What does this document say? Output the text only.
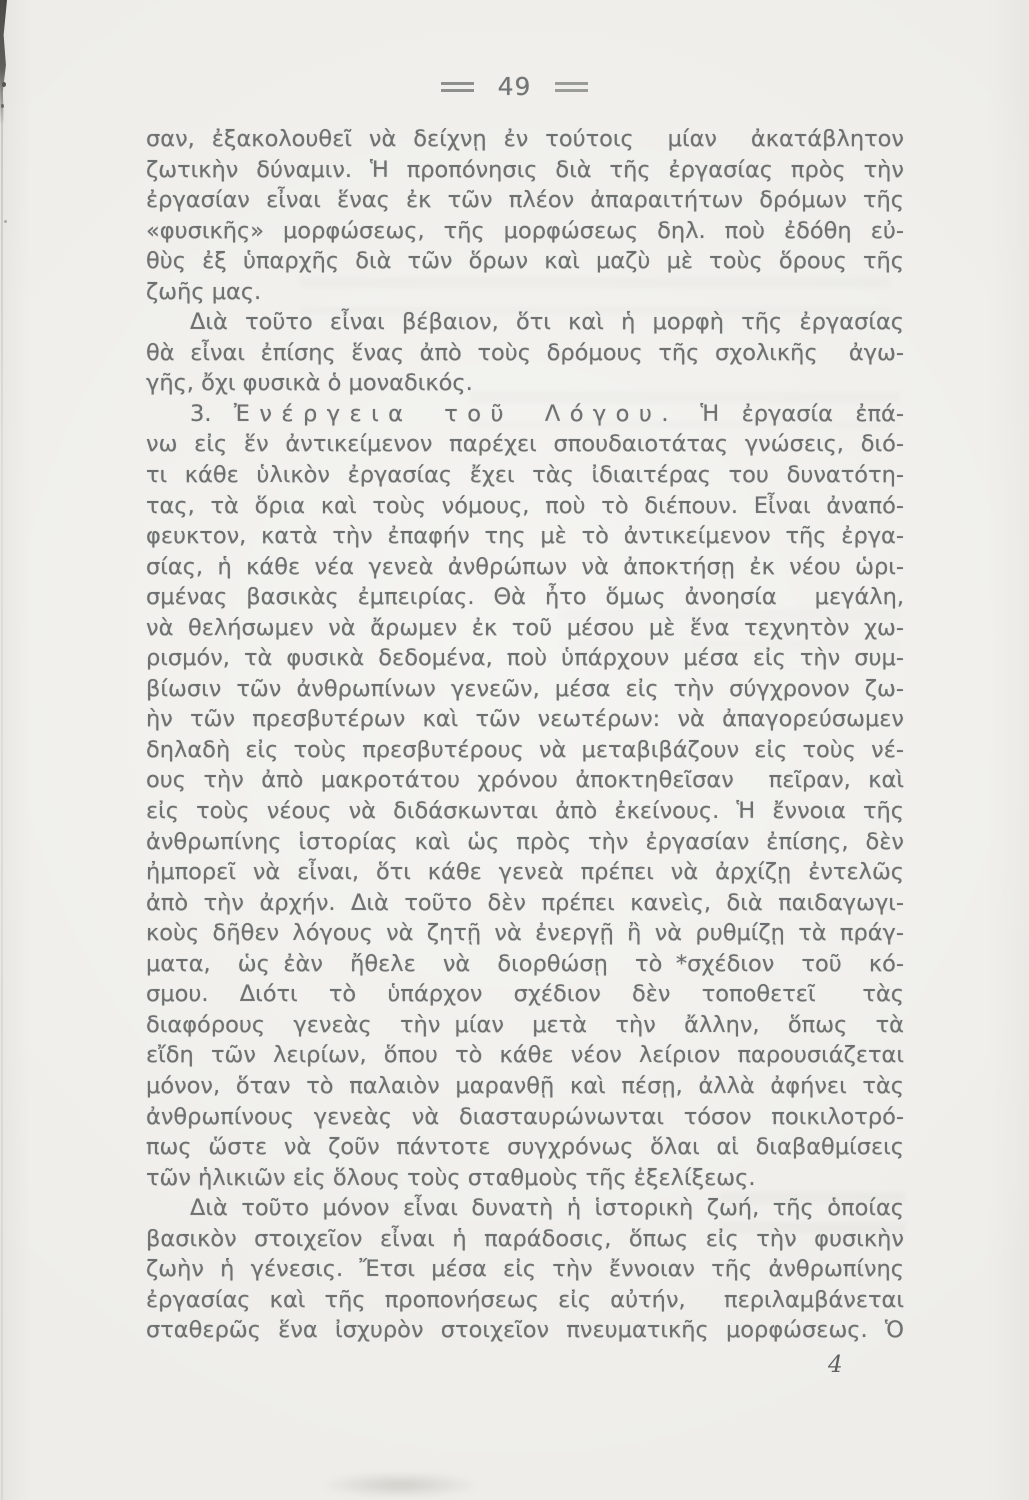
49
σαν, ἐξακολουθεῖ νὰ δείχνῃ ἐν τούτοις  μίαν  ἀκατάβλητον
ζωτικὴν δύναμιν. Ἡ προπόνησις διὰ τῆς ἐργασίας πρὸς τὴν
ἐργασίαν εἶναι ἕνας ἐκ τῶν πλέον ἀπαραιτήτων δρόμων τῆς
«φυσικῆς» μορφώσεως, τῆς μορφώσεως δηλ. ποὺ ἐδόθη εὐ-
θὺς ἐξ ὑπαρχῆς διὰ τῶν ὅρων καὶ μαζὺ μὲ τοὺς ὅρους τῆς
ζωῆς μας.
Διὰ τοῦτο εἶναι βέβαιον, ὅτι καὶ ἡ μορφὴ τῆς ἐργασίας
θὰ εἶναι ἐπίσης ἕνας ἀπὸ τοὺς δρόμους τῆς σχολικῆς  ἀγω-
γῆς, ὄχι φυσικὰ ὁ μοναδικός.
3. Ἐνέργεια τοῦ Λόγου. Ἡ ἐργασία ἐπά-
νω εἰς ἕν ἀντικείμενον παρέχει σπουδαιοτάτας γνώσεις, διό-
τι κάθε ὑλικὸν ἐργασίας ἔχει τὰς ἰδιαιτέρας του δυνατότη-
τας, τὰ ὅρια καὶ τοὺς νόμους, ποὺ τὸ διέπουν. Εἶναι ἀναπό-
φευκτον, κατὰ τὴν ἐπαφήν της μὲ τὸ ἀντικείμενον τῆς ἐργα-
σίας, ἡ κάθε νέα γενεὰ ἀνθρώπων νὰ ἀποκτήσῃ ἐκ νέου ὡρι-
σμένας βασικὰς ἐμπειρίας. Θὰ ἦτο ὅμως ἀνοησία  μεγάλη,
νὰ θελήσωμεν νὰ ἄρωμεν ἐκ τοῦ μέσου μὲ ἕνα τεχνητὸν χω-
ρισμόν, τὰ φυσικὰ δεδομένα, ποὺ ὑπάρχουν μέσα εἰς τὴν συμ-
βίωσιν τῶν ἀνθρωπίνων γενεῶν, μέσα εἰς τὴν σύγχρονον ζω-
ὴν τῶν πρεσβυτέρων καὶ τῶν νεωτέρων: νὰ ἀπαγορεύσωμεν
δηλαδὴ εἰς τοὺς πρεσβυτέρους νὰ μεταβιβάζουν εἰς τοὺς νέ-
ους τὴν ἀπὸ μακροτάτου χρόνου ἀποκτηθεῖσαν  πεῖραν, καὶ
εἰς τοὺς νέους νὰ διδάσκωνται ἀπὸ ἐκείνους. Ἡ ἔννοια τῆς
ἀνθρωπίνης ἱστορίας καὶ ὡς πρὸς τὴν ἐργασίαν ἐπίσης, δὲν
ἠμπορεῖ νὰ εἶναι, ὅτι κάθε γενεὰ πρέπει νὰ ἀρχίζῃ ἐντελῶς
ἀπὸ τὴν ἀρχήν. Διὰ τοῦτο δὲν πρέπει κανεὶς, διὰ παιδαγωγι-
κοὺς δῆθεν λόγους νὰ ζητῇ νὰ ἐνεργῇ ἢ νὰ ρυθμίζῃ τὰ πράγ-
ματα,  ὡς ἐὰν  ἤθελε  νὰ  διορθώσῃ  τὸ *σχέδιον  τοῦ  κό-
σμου.  Διότι  τὸ  ὑπάρχον  σχέδιον  δὲν  τοποθετεῖ   τὰς
διαφόρους  γενεὰς  τὴν μίαν  μετὰ  τὴν  ἄλλην,  ὅπως  τὰ
εἴδη τῶν λειρίων, ὅπου τὸ κάθε νέον λείριον παρουσιάζεται
μόνον, ὅταν τὸ παλαιὸν μαρανθῇ καὶ πέσῃ, ἀλλὰ ἀφήνει τὰς
ἀνθρωπίνους γενεὰς νὰ διασταυρώνωνται τόσον ποικιλοτρό-
πως ὥστε νὰ ζοῦν πάντοτε συγχρόνως ὅλαι αἱ διαβαθμίσεις
τῶν ἡλικιῶν εἰς ὅλους τοὺς σταθμοὺς τῆς ἐξελίξεως.
Διὰ τοῦτο μόνον εἶναι δυνατὴ ἡ ἱστορικὴ ζωή, τῆς ὁποίας
βασικὸν στοιχεῖον εἶναι ἡ παράδοσις, ὅπως εἰς τὴν φυσικὴν
ζωὴν ἡ γένεσις. Ἔτσι μέσα εἰς τὴν ἔννοιαν τῆς ἀνθρωπίνης
ἐργασίας καὶ τῆς προπονήσεως εἰς αὐτήν,  περιλαμβάνεται
σταθερῶς ἕνα ἰσχυρὸν στοιχεῖον πνευματικῆς μορφώσεως. Ὁ
4
